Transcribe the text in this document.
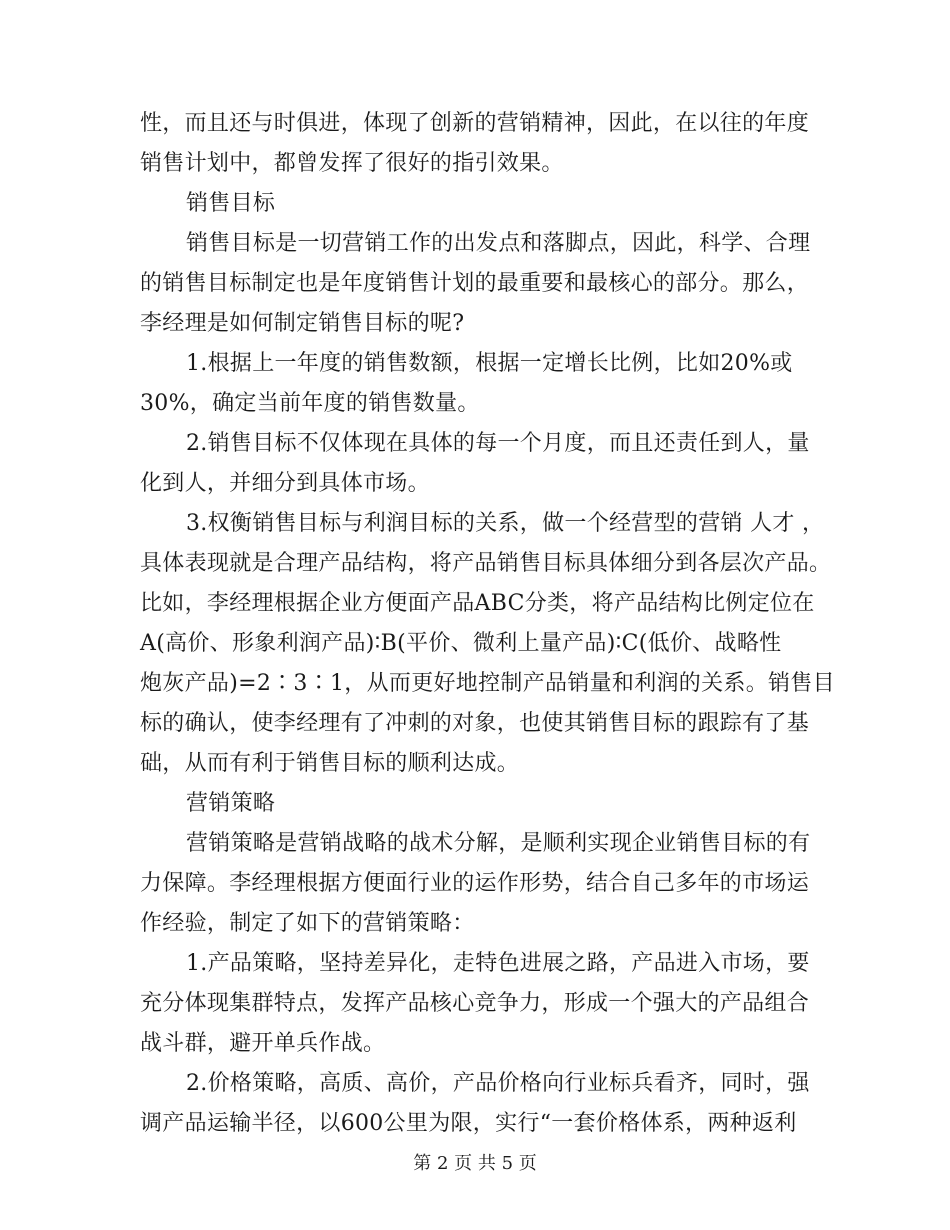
性，而且还与时俱进，体现了创新的营销精神，因此，在以往的年度
销售计划中，都曾发挥了很好的指引效果。
销售目标
销售目标是一切营销工作的出发点和落脚点，因此，科学、合理
的销售目标制定也是年度销售计划的最重要和最核心的部分。那么，
李经理是如何制定销售目标的呢?
1.根据上一年度的销售数额，根据一定增长比例，比如20%或
30%，确定当前年度的销售数量。
2.销售目标不仅体现在具体的每一个月度，而且还责任到人，量
化到人，并细分到具体市场。
3.权衡销售目标与利润目标的关系，做一个经营型的营销 人才 ，
具体表现就是合理产品结构，将产品销售目标具体细分到各层次产品。
比如，李经理根据企业方便面产品ABC分类，将产品结构比例定位在
A(高价、形象利润产品)∶B(平价、微利上量产品)∶C(低价、战略性
炮灰产品)=2∶3∶1，从而更好地控制产品销量和利润的关系。销售目
标的确认，使李经理有了冲刺的对象，也使其销售目标的跟踪有了基
础，从而有利于销售目标的顺利达成。
营销策略
营销策略是营销战略的战术分解，是顺利实现企业销售目标的有
力保障。李经理根据方便面行业的运作形势，结合自己多年的市场运
作经验，制定了如下的营销策略：
1.产品策略，坚持差异化，走特色进展之路，产品进入市场，要
充分体现集群特点，发挥产品核心竞争力，形成一个强大的产品组合
战斗群，避开单兵作战。
2.价格策略，高质、高价，产品价格向行业标兵看齐，同时，强
调产品运输半径，以600公里为限，实行“一套价格体系，两种返利
第 2 页 共 5 页
